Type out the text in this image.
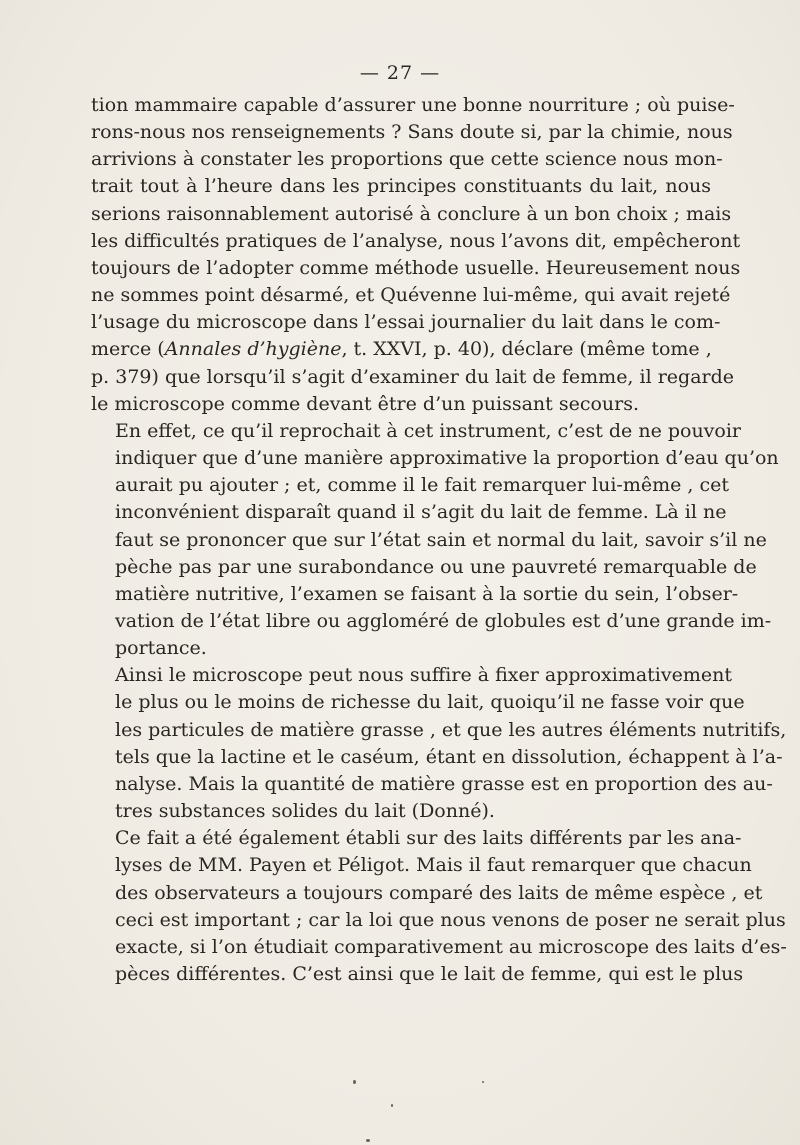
— 27 —

tion mammaire capable d’assurer une bonne nourriture ; où puise-
rons-nous nos renseignements ? Sans doute si, par la chimie, nous
arrivions à constater les proportions que cette science nous mon-
trait tout à l’heure dans les principes constituants du lait, nous
serions raisonnablement autorisé à conclure à un bon choix ; mais
les difficultés pratiques de l’analyse, nous l’avons dit, empêcheront
toujours de l’adopter comme méthode usuelle. Heureusement nous
ne sommes point désarmé, et Quévenne lui-même, qui avait rejeté
l’usage du microscope dans l’essai journalier du lait dans le com-
merce (Annales d’hygiène, t. XXVI, p. 40), déclare (même tome ,
p. 379) que lorsqu’il s’agit d’examiner du lait de femme, il regarde
le microscope comme devant être d’un puissant secours.

En effet, ce qu’il reprochait à cet instrument, c’est de ne pouvoir
indiquer que d’une manière approximative la proportion d’eau qu’on
aurait pu ajouter ; et, comme il le fait remarquer lui-même , cet
inconvénient disparaît quand il s’agit du lait de femme. Là il ne
faut se prononcer que sur l’état sain et normal du lait, savoir s’il ne
pèche pas par une surabondance ou une pauvreté remarquable de
matière nutritive, l’examen se faisant à la sortie du sein, l’obser-
vation de l’état libre ou aggloméré de globules est d’une grande im-
portance.

Ainsi le microscope peut nous suffire à fixer approximativement
le plus ou le moins de richesse du lait, quoiqu’il ne fasse voir que
les particules de matière grasse , et que les autres éléments nutritifs,
tels que la lactine et le caséum, étant en dissolution, échappent à l’a-
nalyse. Mais la quantité de matière grasse est en proportion des au-
tres substances solides du lait (Donné).

Ce fait a été également établi sur des laits différents par les ana-
lyses de MM. Payen et Péligot. Mais il faut remarquer que chacun
des observateurs a toujours comparé des laits de même espèce , et
ceci est important ; car la loi que nous venons de poser ne serait plus
exacte, si l’on étudiait comparativement au microscope des laits d’es-
pèces différentes. C’est ainsi que le lait de femme, qui est le plus
